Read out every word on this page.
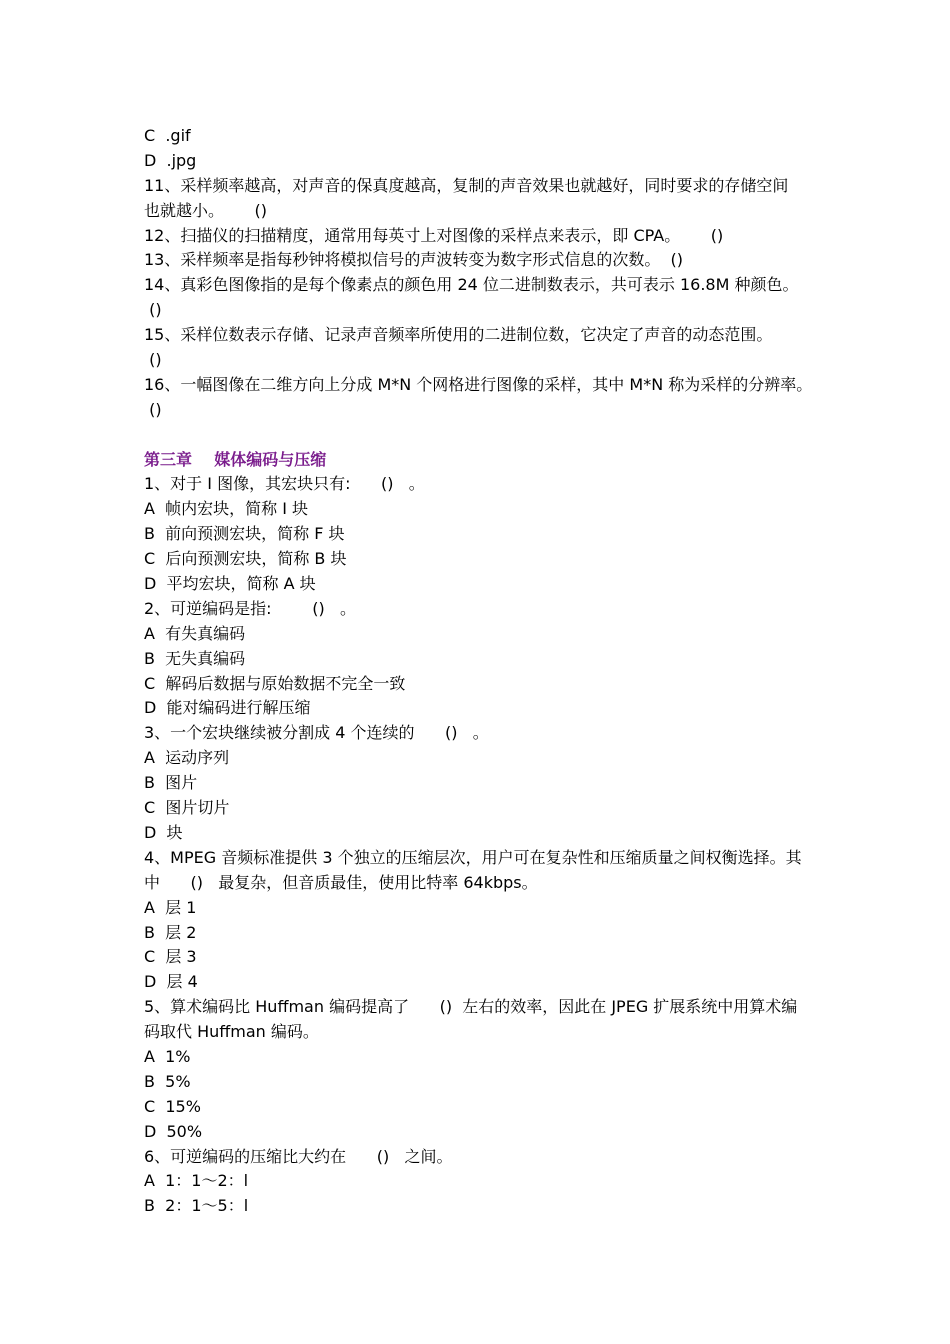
C  .gif
D  .jpg
11、采样频率越高，对声音的保真度越高，复制的声音效果也就越好，同时要求的存储空间
也就越小。      ()
12、扫描仪的扫描精度，通常用每英寸上对图像的采样点来表示，即 CPA。      ()
13、采样频率是指每秒钟将模拟信号的声波转变为数字形式信息的次数。  ()
14、真彩色图像指的是每个像素点的颜色用 24 位二进制数表示，共可表示 16.8M 种颜色。
()
15、采样位数表示存储、记录声音频率所使用的二进制位数，它决定了声音的动态范围。
()
16、一幅图像在二维方向上分成 M*N 个网格进行图像的采样，其中 M*N 称为采样的分辨率。
()
第三章    媒体编码与压缩
1、对于 I 图像，其宏块只有:      ()   。
A  帧内宏块，简称 I 块
B  前向预测宏块，简称 F 块
C  后向预测宏块，简称 B 块
D  平均宏块，简称 A 块
2、可逆编码是指:        ()   。
A  有失真编码
B  无失真编码
C  解码后数据与原始数据不完全一致
D  能对编码进行解压缩
3、一个宏块继续被分割成 4 个连续的      ()   。
A  运动序列
B  图片
C  图片切片
D  块
4、MPEG 音频标准提供 3 个独立的压缩层次，用户可在复杂性和压缩质量之间权衡选择。其
中      ()   最复杂，但音质最佳，使用比特率 64kbps。
A  层 1
B  层 2
C  层 3
D  层 4
5、算术编码比 Huffman 编码提高了      ()  左右的效率，因此在 JPEG 扩展系统中用算术编
码取代 Huffman 编码。
A  1%
B  5%
C  15%
D  50%
6、可逆编码的压缩比大约在      ()   之间。
A  1：1～2：l
B  2：1～5：l
